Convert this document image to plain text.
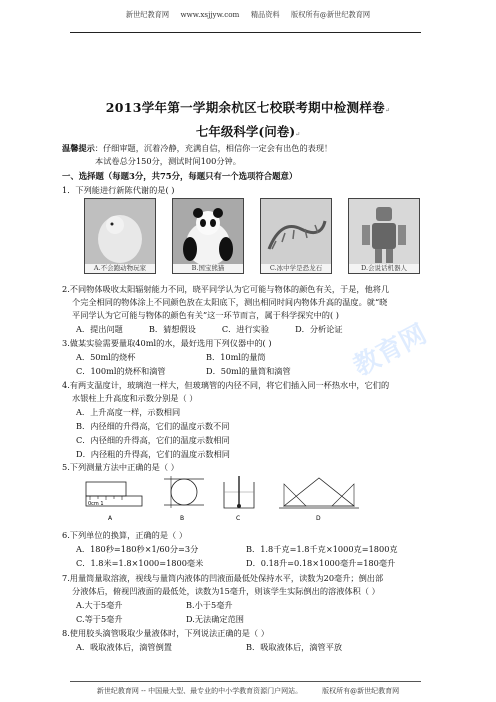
新世纪教育网 www.xsjjyw.com 精品资料 版权所有@新世纪教育网
2013学年第一学期余杭区七校联考期中检测样卷↵
七年级科学(问卷)↵
温馨提示：仔细审题，沉着冷静，充满自信，相信你一定会有出色的表现！
本试卷总分150分，测试时间100分钟。
一、选择题（每题3分，共75分，每题只有一个选项符合题意）
1．下列能进行新陈代谢的是( )
A.不会跑动物玩家	B.国宝熊猫	C.冰中学是恐龙石	D.会说话机器人
2.不同物体吸收太阳辐射能力不同，晓平同学认为它可能与物体的颜色有关，于是，他将几
个完全相同的物体涂上不同颜色放在太阳底下，测出相同时间内物体升高的温度。就“晓
平同学认为它可能与物体的颜色有关”这一环节而言，属于科学探究中的( )
A．提出问题          B．猜想假设          C．进行实验          D．分析论证
3.做某实验需要量取40ml的水，最好选用下列仪器中的( )
A．50ml的烧杯	B．10ml的量筒
C．100ml的烧杯和滴管	D．50ml的量筒和滴管
4.有两支温度计，玻璃泡一样大，但玻璃管的内径不同，将它们插入同一杯热水中，它们的
水银柱上升高度和示数分别是（ ）
A．上升高度一样，示数相同
B．内径细的升得高，它们的温度示数不同
C．内径细的升得高，它们的温度示数相同
D．内径粗的升得高，它们的温度示数相同
5.下列测量方法中正确的是（ ）
0cm 1
A	B	C	D
6.下列单位的换算，正确的是（ ）
A．180秒=180秒×1/60分=3分	B．1.8千克=1.8千克×1000克=1800克
C．1.8米=1.8×1000=1800毫米	D．0.18升=0.18×1000毫升=180毫升
7.用量筒量取溶液，视线与量筒内液体的凹液面最低处保持水平，读数为20毫升；倒出部
分液体后，俯视凹液面的最低处，读数为15毫升，则该学生实际倒出的溶液体积（ ）
A.大于5毫升	B.小于5毫升
C.等于5毫升	D.无法确定范围
8.使用胶头滴管吸取少量液体时，下列说法正确的是（ ）
A．吸取液体后，滴管倒置	B．吸取液体后，滴管平放
教育网
新世纪教育网 -- 中国最大型、最专业的中小学教育资源门户网站。         版权所有@新世纪教育网
